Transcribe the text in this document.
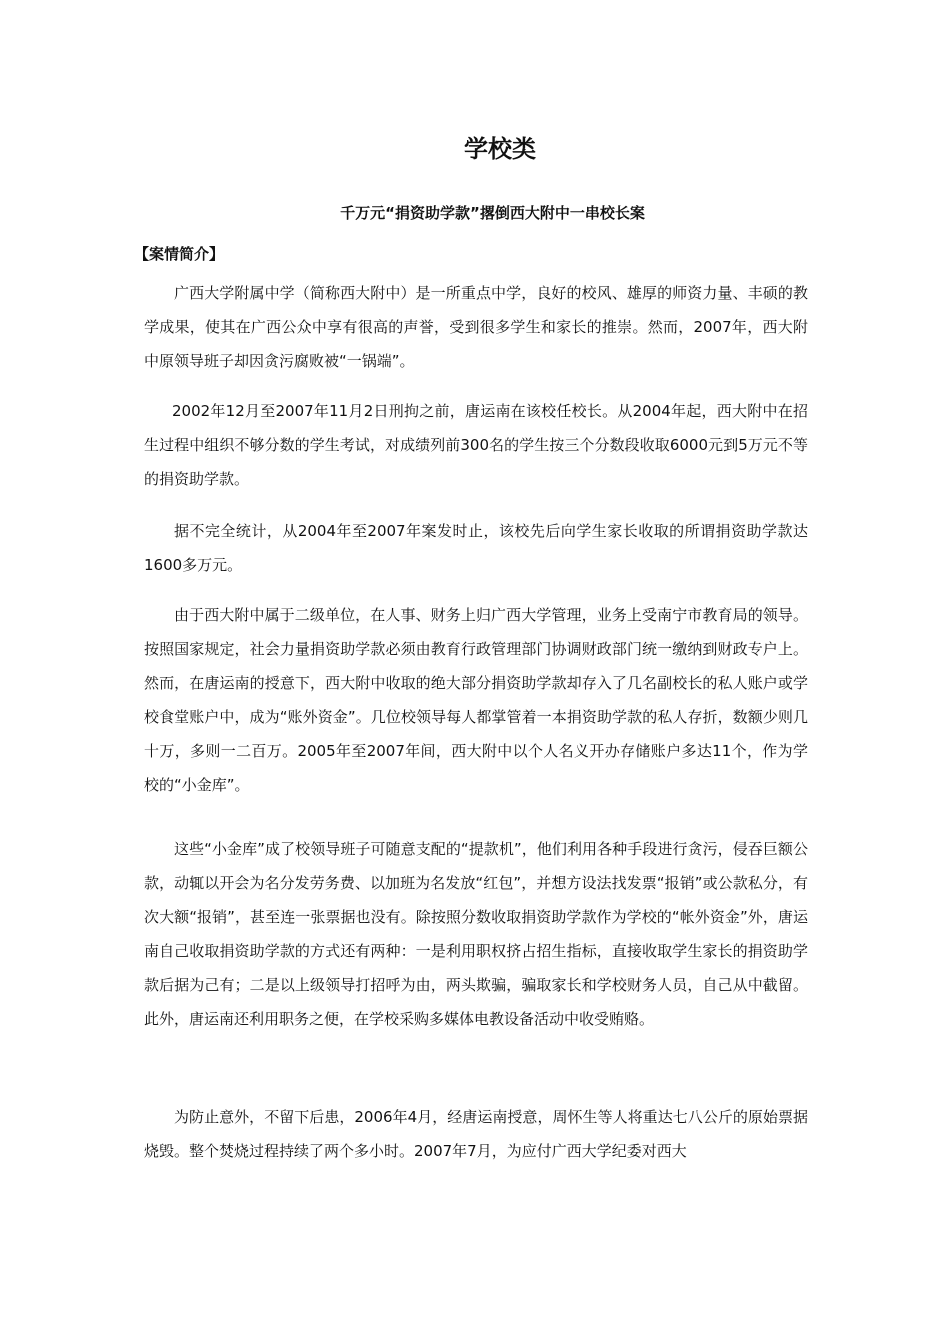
学校类
千万元“捐资助学款”撂倒西大附中一串校长案
【案情简介】

广西大学附属中学（简称西大附中）是一所重点中学，良好的校风、雄厚的师资力量、丰硕的教学成果，使其在广西公众中享有很高的声誉，受到很多学生和家长的推崇。然而，2007年，西大附中原领导班子却因贪污腐败被“一锅端”。

2002年12月至2007年11月2日刑拘之前，唐运南在该校任校长。从2004年起，西大附中在招生过程中组织不够分数的学生考试，对成绩列前300名的学生按三个分数段收取6000元到5万元不等的捐资助学款。

据不完全统计，从2004年至2007年案发时止，该校先后向学生家长收取的所谓捐资助学款达1600多万元。

由于西大附中属于二级单位，在人事、财务上归广西大学管理，业务上受南宁市教育局的领导。按照国家规定，社会力量捐资助学款必须由教育行政管理部门协调财政部门统一缴纳到财政专户上。然而，在唐运南的授意下，西大附中收取的绝大部分捐资助学款却存入了几名副校长的私人账户或学校食堂账户中，成为“账外资金”。几位校领导每人都掌管着一本捐资助学款的私人存折，数额少则几十万，多则一二百万。2005年至2007年间，西大附中以个人名义开办存储账户多达11个，作为学校的“小金库”。

这些“小金库”成了校领导班子可随意支配的“提款机”，他们利用各种手段进行贪污，侵吞巨额公款，动辄以开会为名分发劳务费、以加班为名发放“红包”，并想方设法找发票“报销”或公款私分，有次大额“报销”，甚至连一张票据也没有。除按照分数收取捐资助学款作为学校的“帐外资金”外，唐运南自己收取捐资助学款的方式还有两种：一是利用职权挤占招生指标，直接收取学生家长的捐资助学款后据为己有；二是以上级领导打招呼为由，两头欺骗，骗取家长和学校财务人员，自己从中截留。此外，唐运南还利用职务之便，在学校采购多媒体电教设备活动中收受贿赂。

为防止意外，不留下后患，2006年4月，经唐运南授意，周怀生等人将重达七八公斤的原始票据烧毁。整个焚烧过程持续了两个多小时。2007年7月，为应付广西大学纪委对西大
